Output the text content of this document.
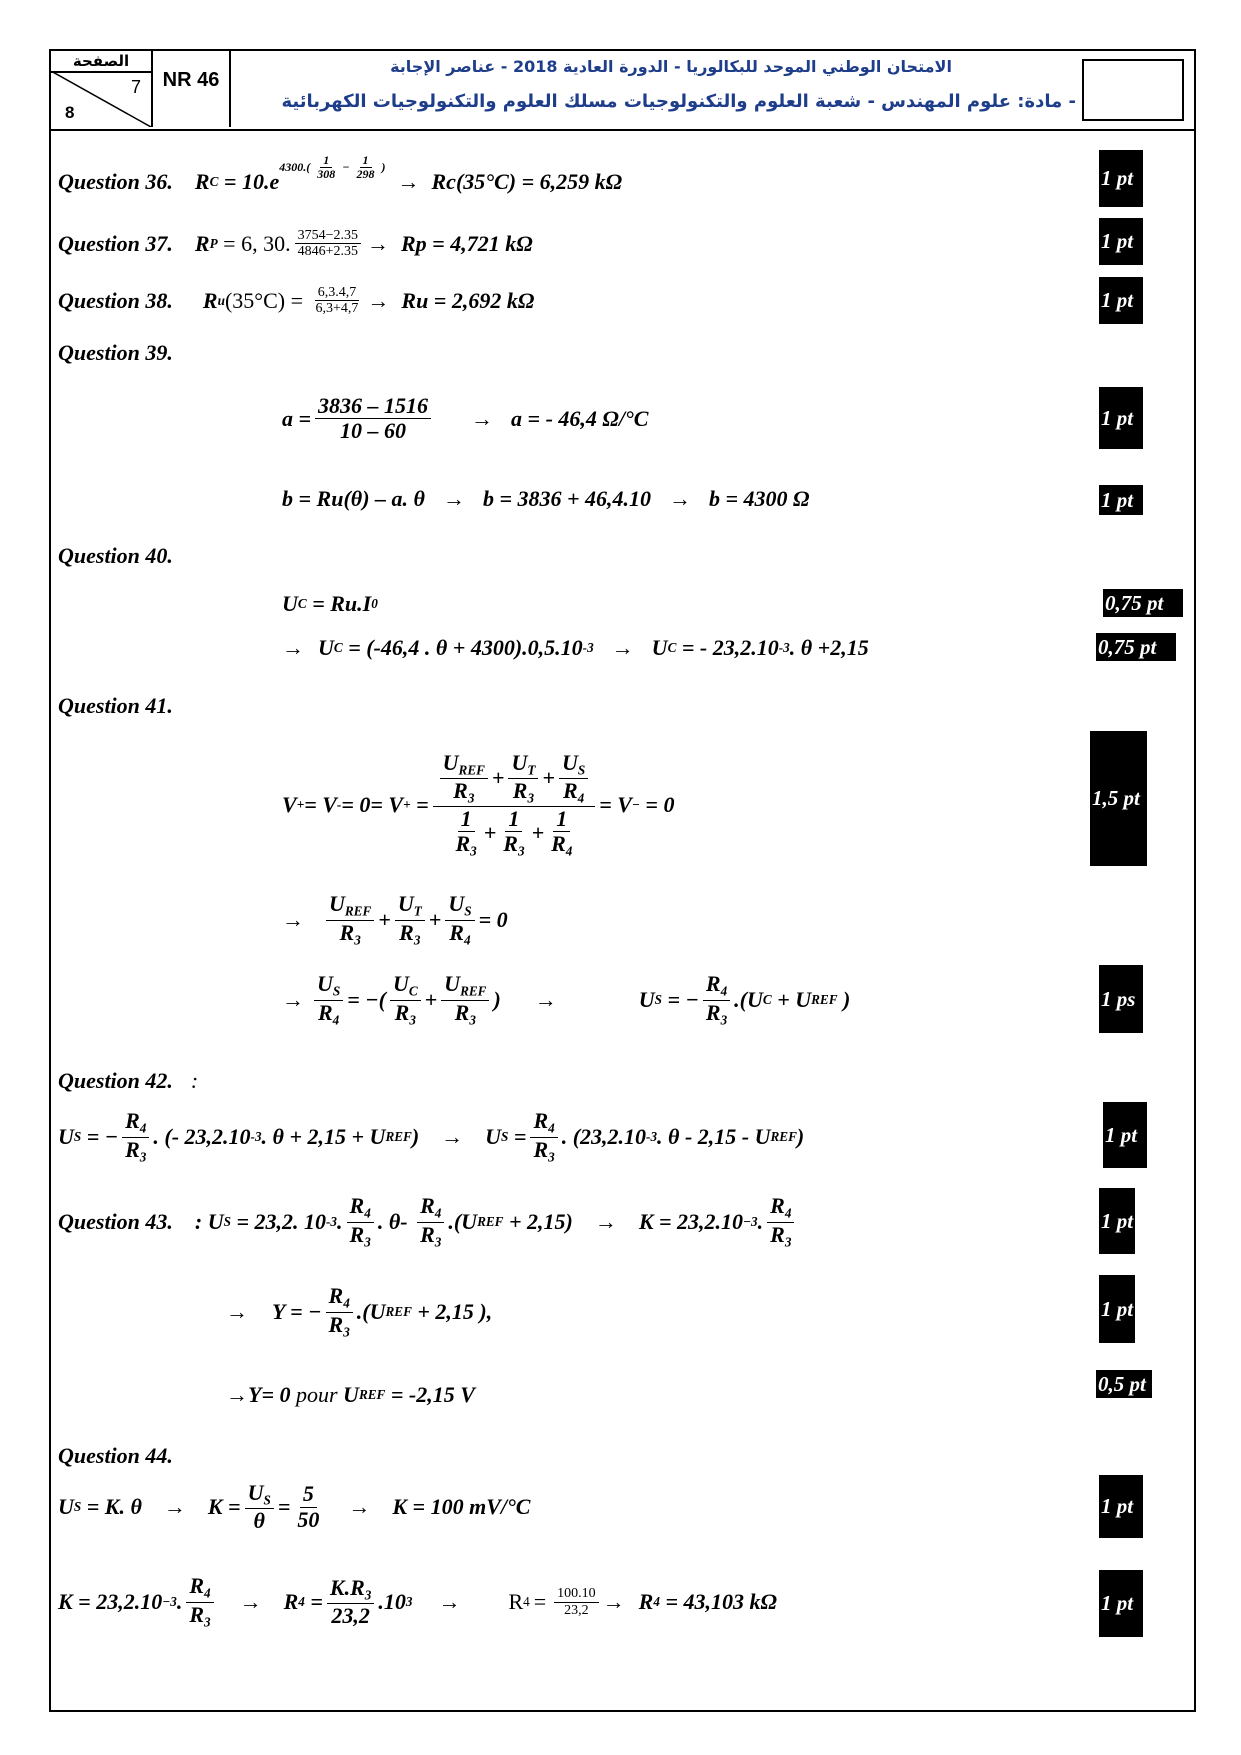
الصفحة
7
8
NR 46
الامتحان الوطني الموحد للبكالوريا - الدورة العادية 2018 - عناصر الإجابة
- مادة: علوم المهندس - شعبة العلوم والتكنولوجيات مسلك العلوم والتكنولوجيات الكهربائية
Question 36. R C = 10.e
$4300.( \frac{1}{308} - \frac{1}{298}$ )
→ Rc(35°C) = 6,259 kΩ	1 pt
Question 37. R P = 6, 30. $\frac{3754-2.35}{4846+2.35} \to Rp = 4,721$ kΩ	1 pt
Question 38. R u $(35^\circ C) = \frac{6,3.4,7}{6,3+4,7} \to Ru = 2,692$ kΩ	1 pt
Question 39.
$a = \frac{3836 - 1516}{10 - 60} \to a$ = - 46,4 Ω/°C	1 pt
b = Ru(θ) – a. θ → b = 3836 + 46,4.10 → b = 4300 Ω	1 pt
Question 40.
U C = Ru.I 0	0,75 pt
→ U C = (-46,4 . θ + 4300).0,5.10 -3 → U C = - 23,2.10 -3 . θ +2,15	0,75 pt
Question 41.
V + = V - = 0= V + =
$U_{REF}$
$R_3$
+ $\frac{U_T}{R_3} + \frac{U_S}{R_4}$
1
$R_3$
+ $\frac{1}{R_3} + \frac{1}{R_4}$
= V − = 0	1,5 pt
→
$U_{REF}$
$R_3$
+ $\frac{U_T}{R_3} + \frac{U_S}{R_4} = 0$
→ $\frac{U_S}{R_4}$ = −(
$U_C$
$R_3$
+
$U_{REF}$
$R_3$
) →	U S = − $\frac{R_4}{R_3} .(U$ C + U REF )	1 ps
Question 42. :
U S = − $\frac{R_4}{R_3}$ . (- 23,2.10 -3 . θ + 2,15 + U REF ) → U $S = \frac{R_4}{R_3}$ . (23,2.10 -3 . θ - 2,15 - U REF )	1 pt
Question 43. : U S = 23,2. 10 -3 .
$R_4$
$R_3$
. θ-
$R_4$
$R_3$
.(U REF + 2,15) → K = 23,2.10 −3 .
$R_4$
$R_3$
1 pt
→ Y = − $\frac{R_4}{R_3} .(U$ REF + 2,15 ),	1 pt
→ Y= 0 pour U REF = -2,15 V	0,5 pt
Question 44.
U S = K. $\theta \to K = \frac{U_S}{\theta} = \frac{5}{50} \to K = 100$ mV/°C	1 pt
K = 23,2.10 −3 .
$R_4$
$R_3$
→ R $4 = \frac{K.R_3}{23,2} .10$ 3 → R $4 = \frac{100.10}{23,2} \to R$ 4 = 43,103 kΩ	1 pt
